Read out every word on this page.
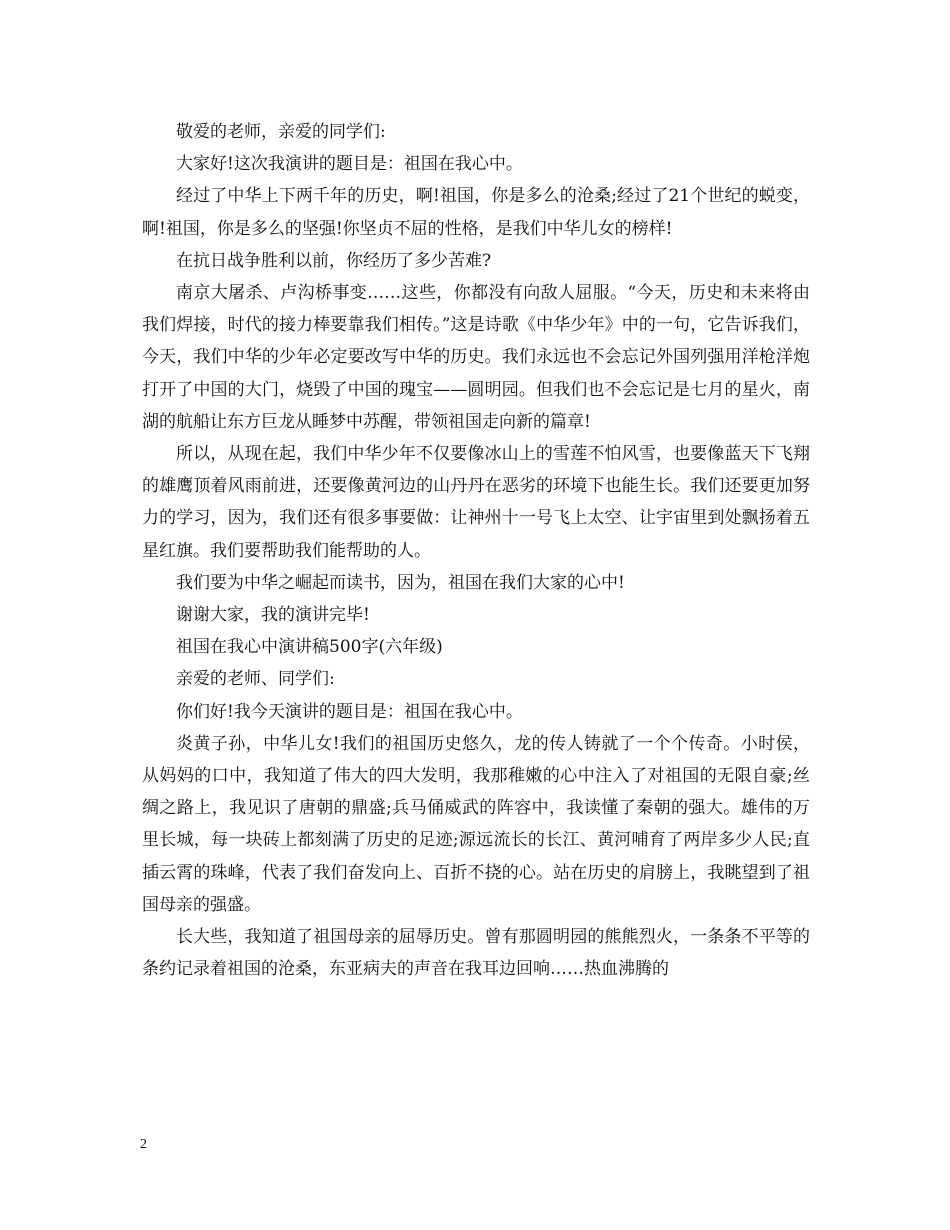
敬爱的老师，亲爱的同学们:

大家好!这次我演讲的题目是：祖国在我心中。

经过了中华上下两千年的历史，啊!祖国，你是多么的沧桑;经过了21个世纪的蜕变，啊!祖国，你是多么的坚强!你坚贞不屈的性格，是我们中华儿女的榜样!

在抗日战争胜利以前，你经历了多少苦难?

南京大屠杀、卢沟桥事变……这些，你都没有向敌人屈服。“今天，历史和未来将由我们焊接，时代的接力棒要靠我们相传。”这是诗歌《中华少年》中的一句，它告诉我们，今天，我们中华的少年必定要改写中华的历史。我们永远也不会忘记外国列强用洋枪洋炮打开了中国的大门，烧毁了中国的瑰宝——圆明园。但我们也不会忘记是七月的星火，南湖的航船让东方巨龙从睡梦中苏醒，带领祖国走向新的篇章!

所以，从现在起，我们中华少年不仅要像冰山上的雪莲不怕风雪，也要像蓝天下飞翔的雄鹰顶着风雨前进，还要像黄河边的山丹丹在恶劣的环境下也能生长。我们还要更加努力的学习，因为，我们还有很多事要做：让神州十一号飞上太空、让宇宙里到处飘扬着五星红旗。我们要帮助我们能帮助的人。

我们要为中华之崛起而读书，因为，祖国在我们大家的心中!

谢谢大家，我的演讲完毕!

祖国在我心中演讲稿500字(六年级)

亲爱的老师、同学们:

你们好!我今天演讲的题目是：祖国在我心中。

炎黄子孙，中华儿女!我们的祖国历史悠久，龙的传人铸就了一个个传奇。小时侯，从妈妈的口中，我知道了伟大的四大发明，我那稚嫩的心中注入了对祖国的无限自豪;丝绸之路上，我见识了唐朝的鼎盛;兵马俑威武的阵容中，我读懂了秦朝的强大。雄伟的万里长城，每一块砖上都刻满了历史的足迹;源远流长的长江、黄河哺育了两岸多少人民;直插云霄的珠峰，代表了我们奋发向上、百折不挠的心。站在历史的肩膀上，我眺望到了祖国母亲的强盛。

长大些，我知道了祖国母亲的屈辱历史。曾有那圆明园的熊熊烈火，一条条不平等的条约记录着祖国的沧桑，东亚病夫的声音在我耳边回响……热血沸腾的

2
